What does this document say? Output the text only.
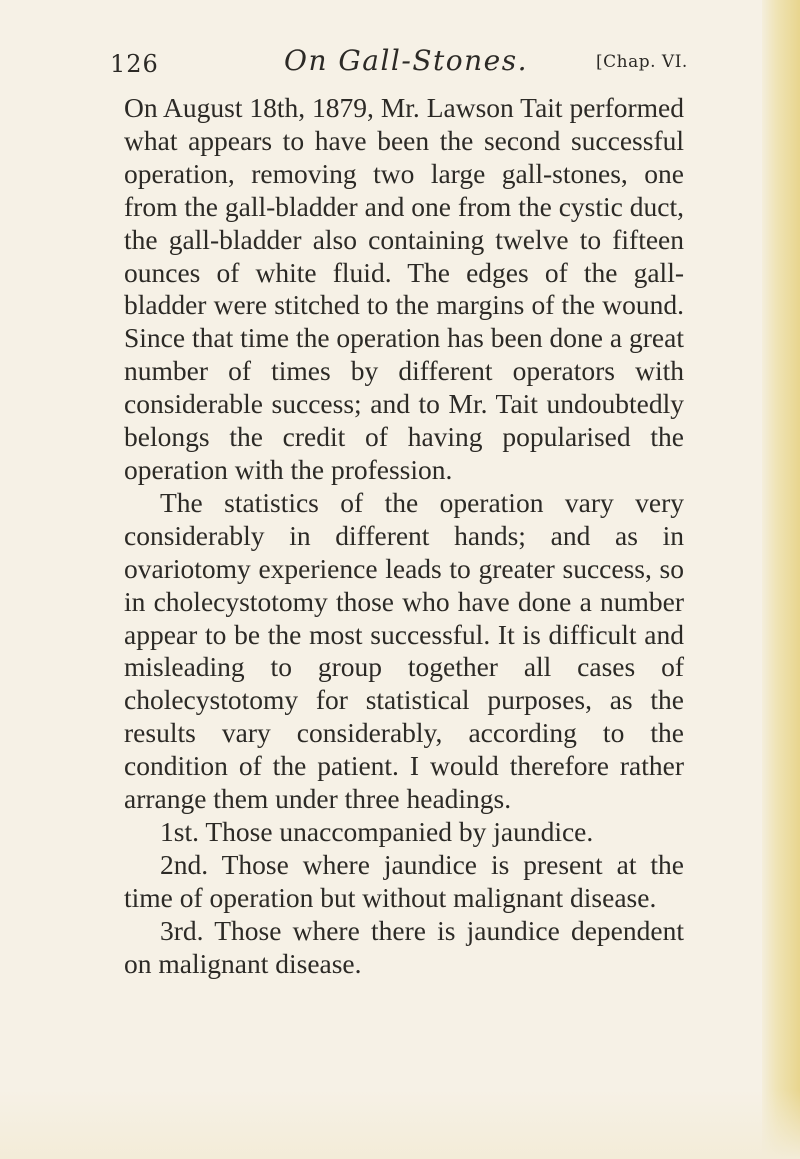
126	On Gall-Stones.	[Chap. VI.

On August 18th, 1879, Mr. Lawson Tait performed what appears to have been the second successful operation, removing two large gall-stones, one from the gall-bladder and one from the cystic duct, the gall-bladder also containing twelve to fifteen ounces of white fluid. The edges of the gall-bladder were stitched to the margins of the wound. Since that time the operation has been done a great number of times by different operators with considerable success; and to Mr. Tait undoubtedly belongs the credit of having popularised the operation with the profession.

The statistics of the operation vary very considerably in different hands; and as in ovariotomy experience leads to greater success, so in cholecystotomy those who have done a number appear to be the most successful. It is difficult and misleading to group together all cases of cholecystotomy for statistical purposes, as the results vary considerably, according to the condition of the patient. I would therefore rather arrange them under three headings.

1st. Those unaccompanied by jaundice.

2nd. Those where jaundice is present at the time of operation but without malignant disease.

3rd. Those where there is jaundice dependent on malignant disease.
